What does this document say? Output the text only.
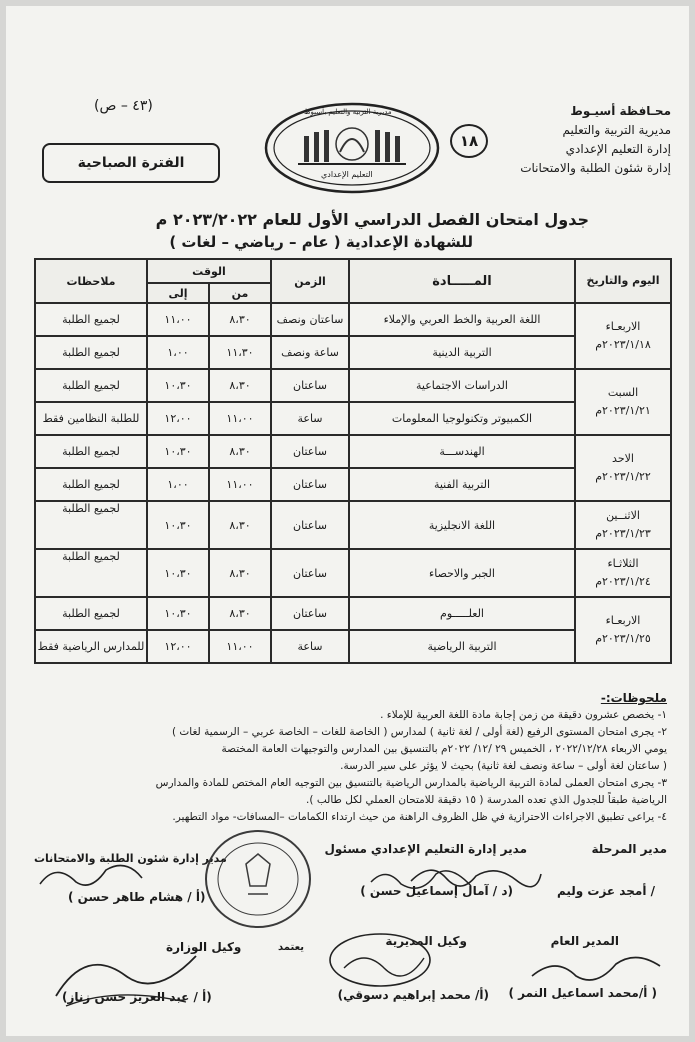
محـافظة أسيـوط
مديرية التربية والتعليم
إدارة التعليم الإعدادي
إدارة شئون الطلبة والامتحانات
١٨
مديرية التربية والتعليم بأسيوط
التعليم الإعدادي
(٤٣ – ص)
الفترة الصباحية
جدول امتحان الفصل الدراسي الأول للعام ٢٠٢٣/٢٠٢٢ م
للشهادة الإعدادية ( عام – رياضي – لغات )
اليوم والتاريخ	المـــــادة	الزمن	الوقت		ملاحظات
			من	إلى	

الاربعـاء
٢٠٢٣/١/١٨م	اللغة العربية والخط العربي والإملاء	ساعتان ونصف	٨،٣٠	١١،٠٠	لجميع الطلبة
	التربية الدينية	ساعة ونصف	١١،٣٠	١،٠٠	لجميع الطلبة

السبت
٢٠٢٣/١/٢١م	الدراسات الاجتماعية	ساعتان	٨،٣٠	١٠،٣٠	لجميع الطلبة
	الكمبيوتر وتكنولوجيا المعلومات	ساعة	١١،٠٠	١٢،٠٠	للطلبة النظامين فقط

الاحد
٢٠٢٣/١/٢٢م	الهندســـة	ساعتان	٨،٣٠	١٠،٣٠	لجميع الطلبة
	التربية الفنية	ساعتان	١١،٠٠	١،٠٠	لجميع الطلبة

الاثنــين
٢٠٢٣/١/٢٣م	اللغة الانجليزية	ساعتان	٨،٣٠	١٠،٣٠	لجميع الطلبة

الثلاثـاء
٢٠٢٣/١/٢٤م	الجبر والاحصاء	ساعتان	٨،٣٠	١٠،٣٠	لجميع الطلبة

الاربعـاء
٢٠٢٣/١/٢٥م	العلـــــوم	ساعتان	٨،٣٠	١٠،٣٠	لجميع الطلبة
	التربية الرياضية	ساعة	١١،٠٠	١٢،٠٠	للمدارس الرياضية فقط
ملحوظات:-
١- يخصص عشرون دقيقة من زمن إجابة مادة اللغة العربية للإملاء .
٢- يجرى امتحان المستوى الرفيع (لغة أولى / لغة ثانية ) لمدارس ( الخاصة للغات – الخاصة عربي – الرسمية لغات )
يومي الاربعاء ٢٠٢٢/١٢/٢٨ ، الخميس ٢٩ /١٢/ ٢٠٢٢م بالتنسيق بين المدارس والتوجيهات العامة المختصة
( ساعتان لغة أولى – ساعة ونصف لغة ثانية) بحيث لا يؤثر على سير الدرسة.
٣- يجرى امتحان العملى لمادة التربية الرياضية بالمدارس الرياضية بالتنسيق بين التوجيه العام المختص للمادة والمدارس
الرياضية طبقاً للجدول الذي تعده المدرسة ( ١٥ دقيقة للامتحان العملي لكل طالب ).
٤- يراعى تطبيق الاجراءات الاحترازية في ظل الظروف الراهنة من حيث ارتداء الكمامات –المسافات- مواد التطهير.
مدير المرحلة
/ أمجد عزت وليم
مدير إدارة التعليم الإعدادي
(د / آمال إسماعيل حسن )
مسئول
مدير إدارة شئون الطلبة والامتحانات
(أ / هشام طاهر حسن )
المدير العام
( أ/محمد اسماعيل النمر )
وكيل المديرية
(أ/ محمد إبراهيم دسوقي)
وكيل الوزارة
(أ / عبد العزيز حسن زناز)
يعتمد
